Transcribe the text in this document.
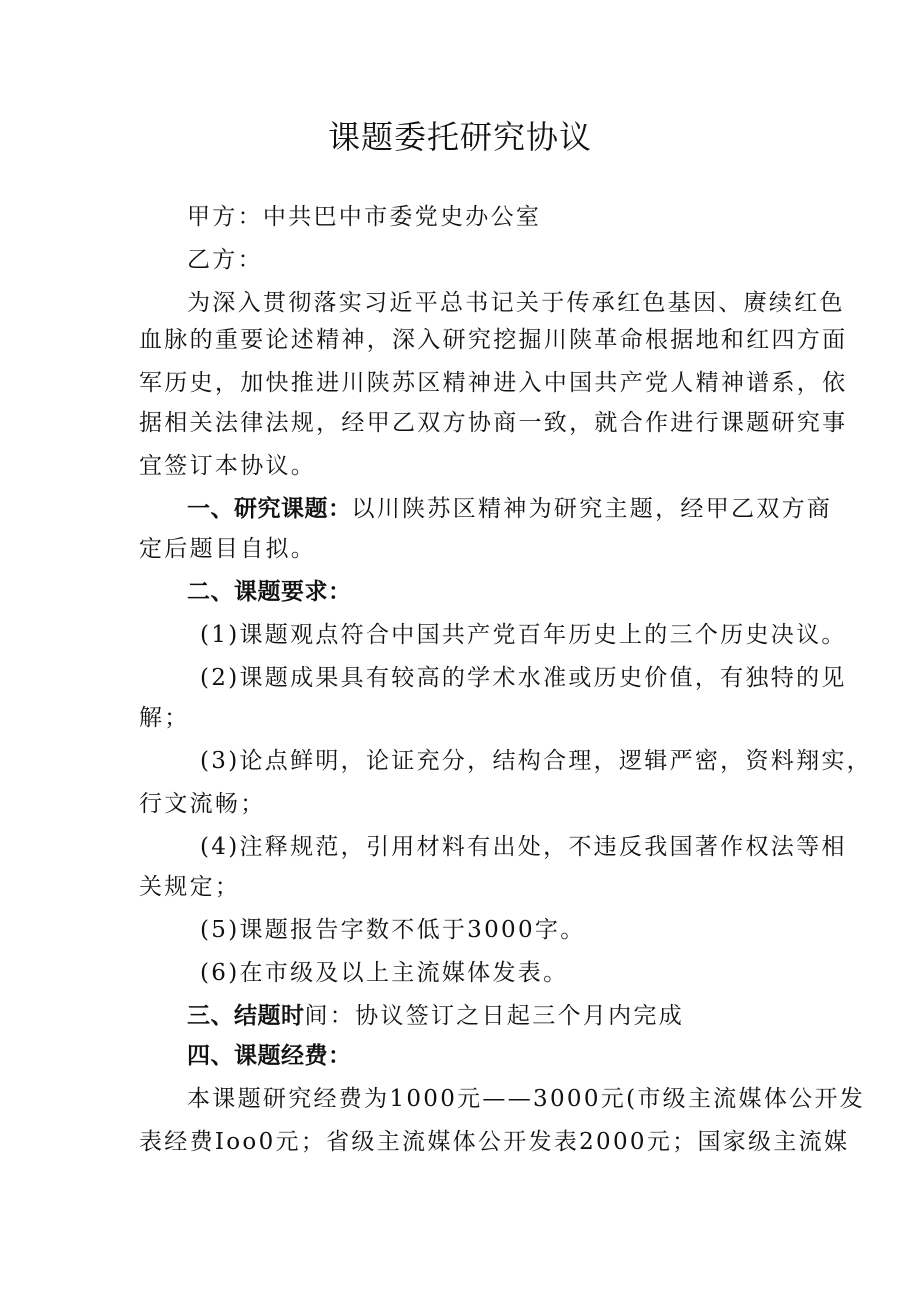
课题委托研究协议
甲方：中共巴中市委党史办公室
乙方：
为深入贯彻落实习近平总书记关于传承红色基因、赓续红色
血脉的重要论述精神，深入研究挖掘川陕革命根据地和红四方面
军历史，加快推进川陕苏区精神进入中国共产党人精神谱系，依
据相关法律法规，经甲乙双方协商一致，就合作进行课题研究事
宜签订本协议。
一、研究课题：以川陕苏区精神为研究主题，经甲乙双方商
定后题目自拟。
二、课题要求：
(1)课题观点符合中国共产党百年历史上的三个历史决议。
(2)课题成果具有较高的学术水准或历史价值，有独特的见
解；
(3)论点鲜明，论证充分，结构合理，逻辑严密，资料翔实，
行文流畅；
(4)注释规范，引用材料有出处，不违反我国著作权法等相
关规定；
(5)课题报告字数不低于3000字。
(6)在市级及以上主流媒体发表。
三、结题时间：协议签订之日起三个月内完成
四、课题经费：
本课题研究经费为1000元——3000元(市级主流媒体公开发
表经费Ioo0元；省级主流媒体公开发表2000元；国家级主流媒
